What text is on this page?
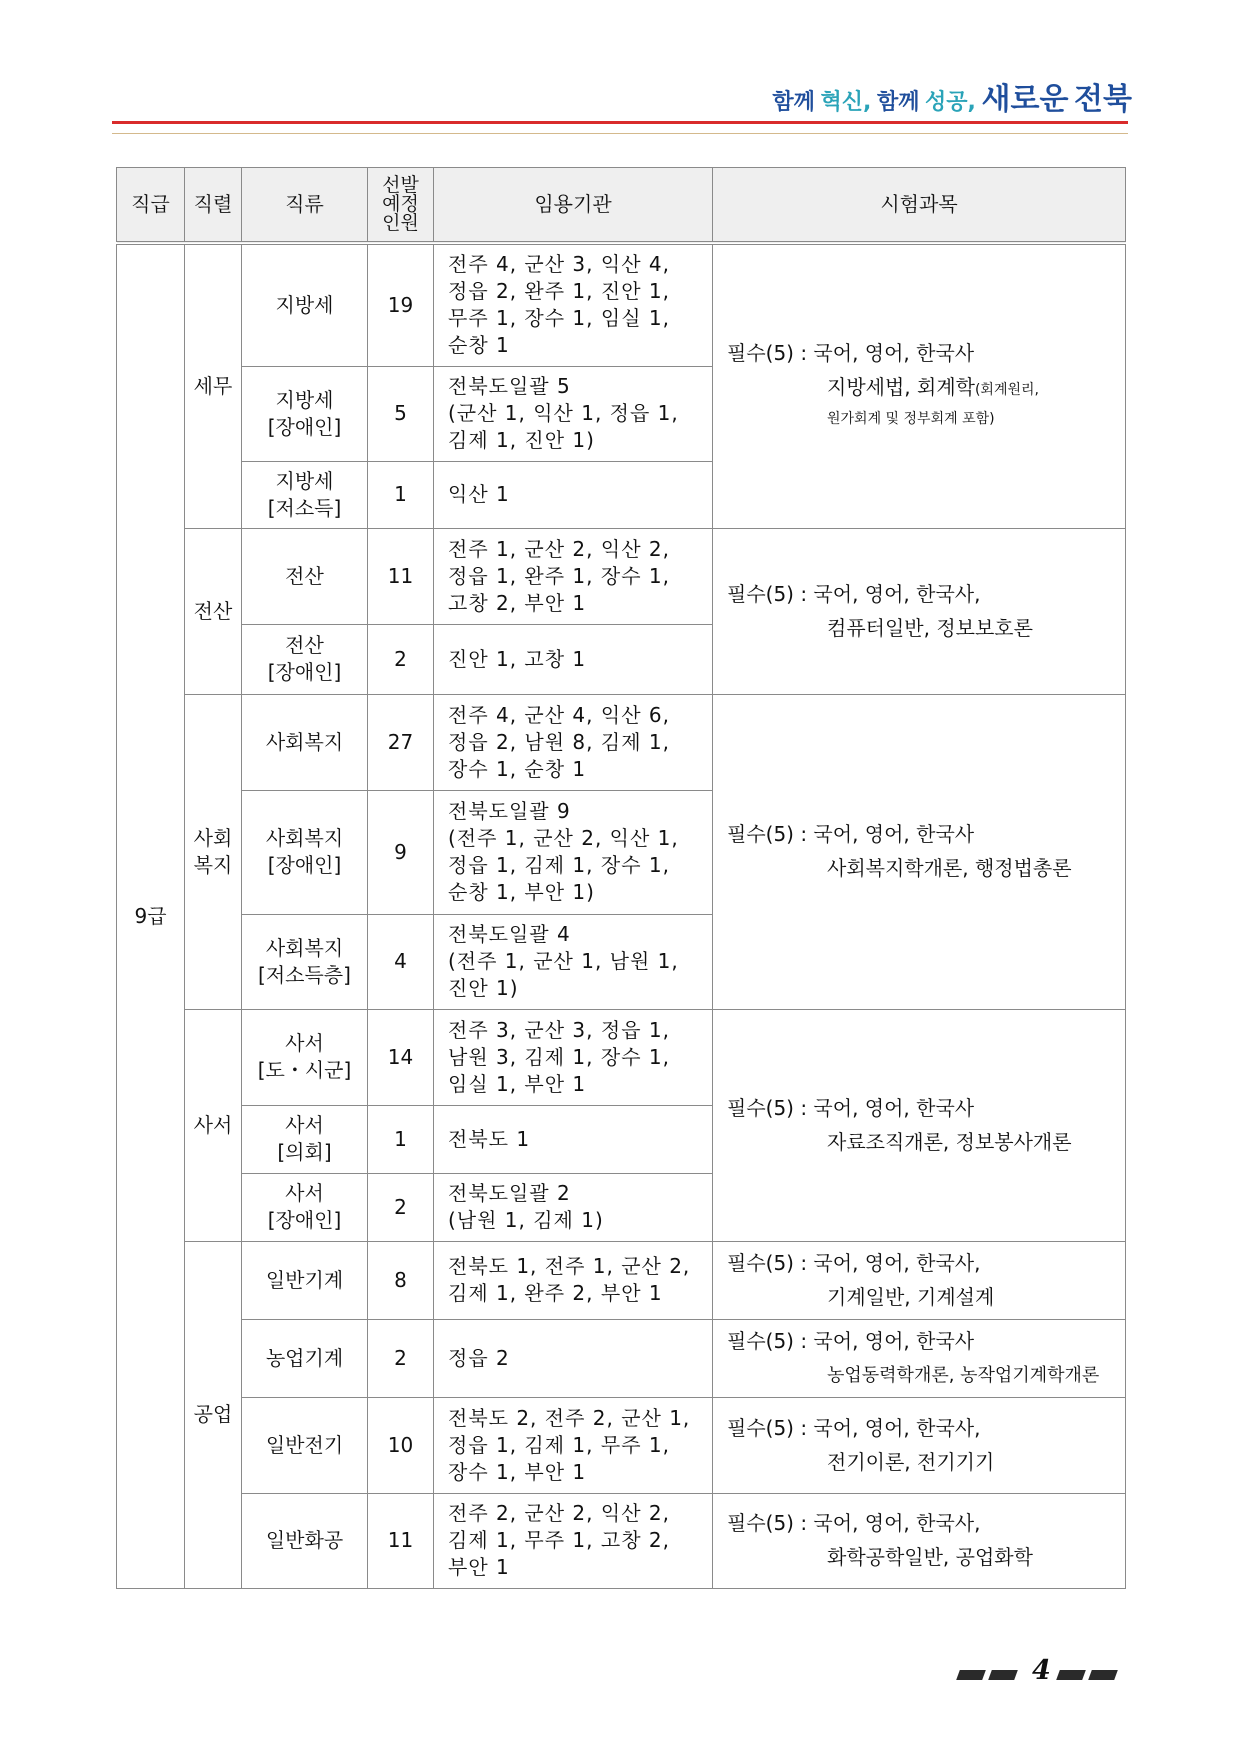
함께 혁신, 함께 성공, 새로운 전북
직급	직렬	직류	선발
예정
인원	임용기관	시험과목
9급	세무	지방세	19	전주 4, 군산 3, 익산 4,
정읍 2, 완주 1, 진안 1,
무주 1, 장수 1, 임실 1,
순창 1	필수(5) : 국어, 영어, 한국사
지방세법, 회계학(회계원리,
원가회계 및 정부회계 포함)

		지방세
[장애인]	5	전북도일괄 5
(군산 1, 익산 1, 정읍 1,
김제 1, 진안 1)	
		지방세
[저소득]	1	익산 1	
	전산	전산	11	전주 1, 군산 2, 익산 2,
정읍 1, 완주 1, 장수 1,
고창 2, 부안 1	필수(5) : 국어, 영어, 한국사,
컴퓨터일반, 정보보호론

		전산
[장애인]	2	진안 1, 고창 1	
	사회
복지	사회복지	27	전주 4, 군산 4, 익산 6,
정읍 2, 남원 8, 김제 1,
장수 1, 순창 1	필수(5) : 국어, 영어, 한국사
사회복지학개론, 행정법총론

		사회복지
[장애인]	9	전북도일괄 9
(전주 1, 군산 2, 익산 1,
정읍 1, 김제 1, 장수 1,
순창 1, 부안 1)	
		사회복지
[저소득층]	4	전북도일괄 4
(전주 1, 군산 1, 남원 1,
진안 1)	
	사서	사서
[도・시군]	14	전주 3, 군산 3, 정읍 1,
남원 3, 김제 1, 장수 1,
임실 1, 부안 1	필수(5) : 국어, 영어, 한국사
자료조직개론, 정보봉사개론

		사서
[의회]	1	전북도 1	
		사서
[장애인]	2	전북도일괄 2
(남원 1, 김제 1)	
	공업	일반기계	8	전북도 1, 전주 1, 군산 2,
김제 1, 완주 2, 부안 1	필수(5) : 국어, 영어, 한국사,
기계일반, 기계설계

		농업기계	2	정읍 2	필수(5) : 국어, 영어, 한국사
농업동력학개론, 농작업기계학개론

		일반전기	10	전북도 2, 전주 2, 군산 1,
정읍 1, 김제 1, 무주 1,
장수 1, 부안 1	필수(5) : 국어, 영어, 한국사,
전기이론, 전기기기

		일반화공	11	전주 2, 군산 2, 익산 2,
김제 1, 무주 1, 고창 2,
부안 1	필수(5) : 국어, 영어, 한국사,
화학공학일반, 공업화학
4
